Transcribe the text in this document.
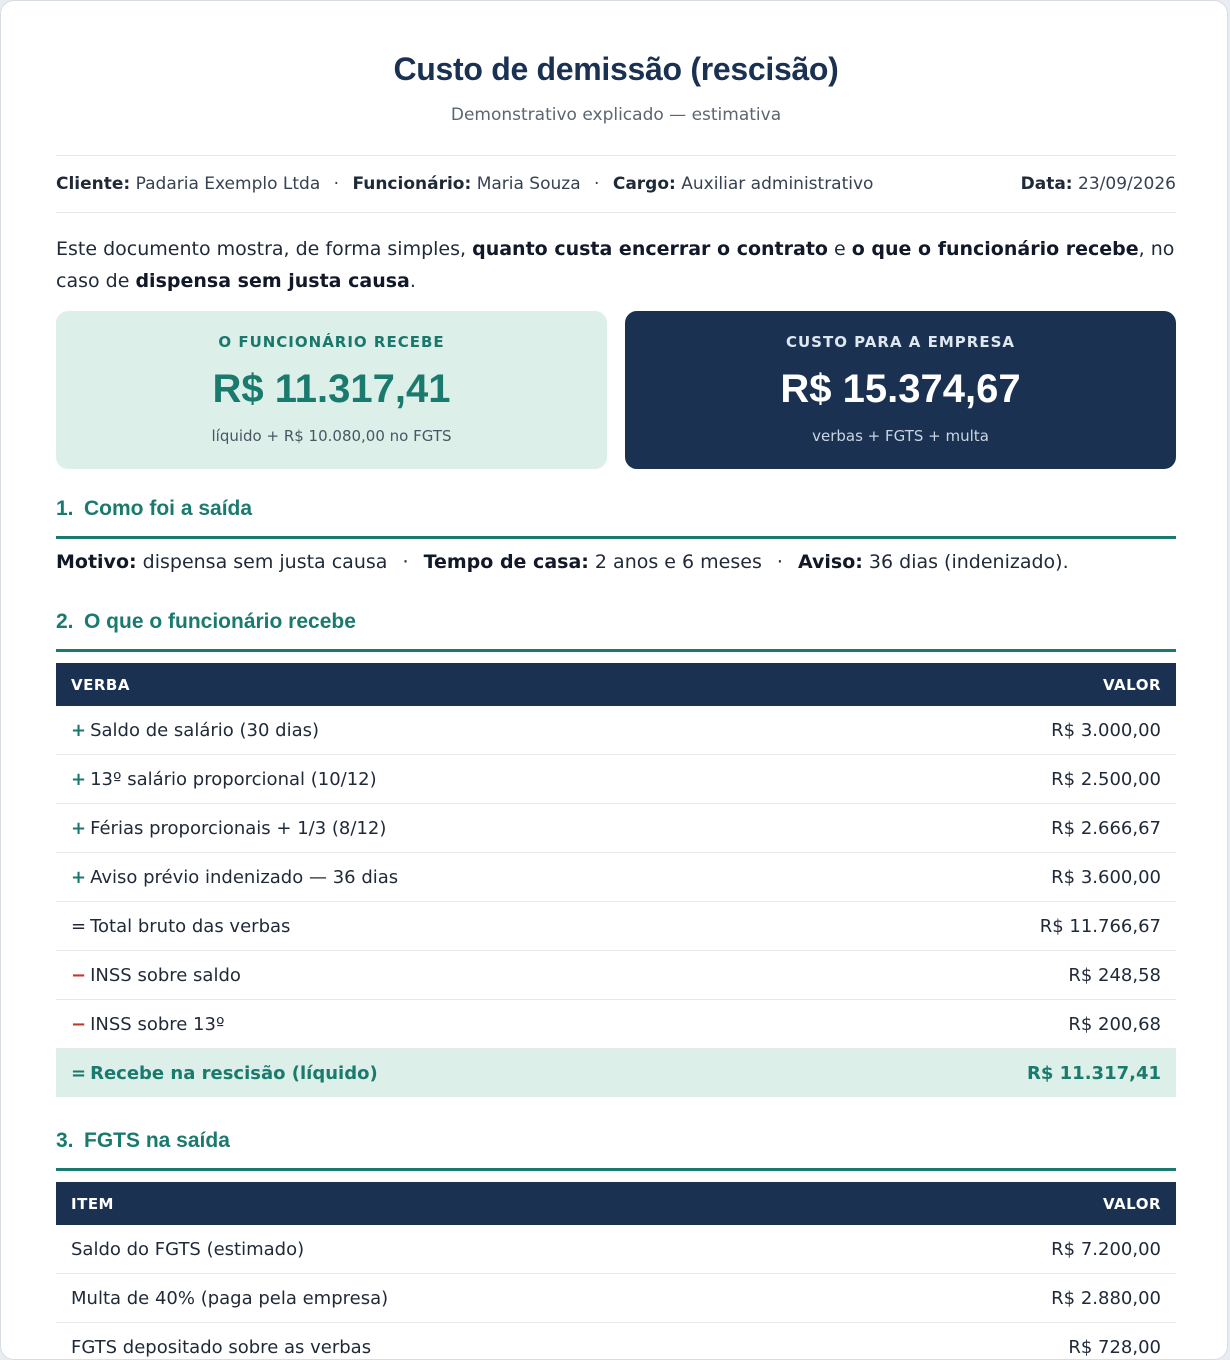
Custo de demissão (rescisão)
Demonstrativo explicado — estimativa
Cliente: Padaria Exemplo Ltda · Funcionário: Maria Souza · Cargo: Auxiliar administrativo	Data: 23/09/2026
Este documento mostra, de forma simples, quanto custa encerrar o contrato e o que o funcionário recebe, no caso de dispensa sem justa causa.
O FUNCIONÁRIO RECEBE
R$ 11.317,41
líquido + R$ 10.080,00 no FGTS
CUSTO PARA A EMPRESA
R$ 15.374,67
verbas + FGTS + multa
1. Como foi a saída
Motivo: dispensa sem justa causa · Tempo de casa: 2 anos e 6 meses · Aviso: 36 dias (indenizado).
2. O que o funcionário recebe
VERBA	VALOR
+ Saldo de salário (30 dias)	R$ 3.000,00
+ 13º salário proporcional (10/12)	R$ 2.500,00
+ Férias proporcionais + 1/3 (8/12)	R$ 2.666,67
+ Aviso prévio indenizado — 36 dias	R$ 3.600,00
= Total bruto das verbas	R$ 11.766,67
− INSS sobre saldo	R$ 248,58
− INSS sobre 13º	R$ 200,68
= Recebe na rescisão (líquido)	R$ 11.317,41
3. FGTS na saída
ITEM	VALOR
Saldo do FGTS (estimado)	R$ 7.200,00
Multa de 40% (paga pela empresa)	R$ 2.880,00
FGTS depositado sobre as verbas	R$ 728,00
